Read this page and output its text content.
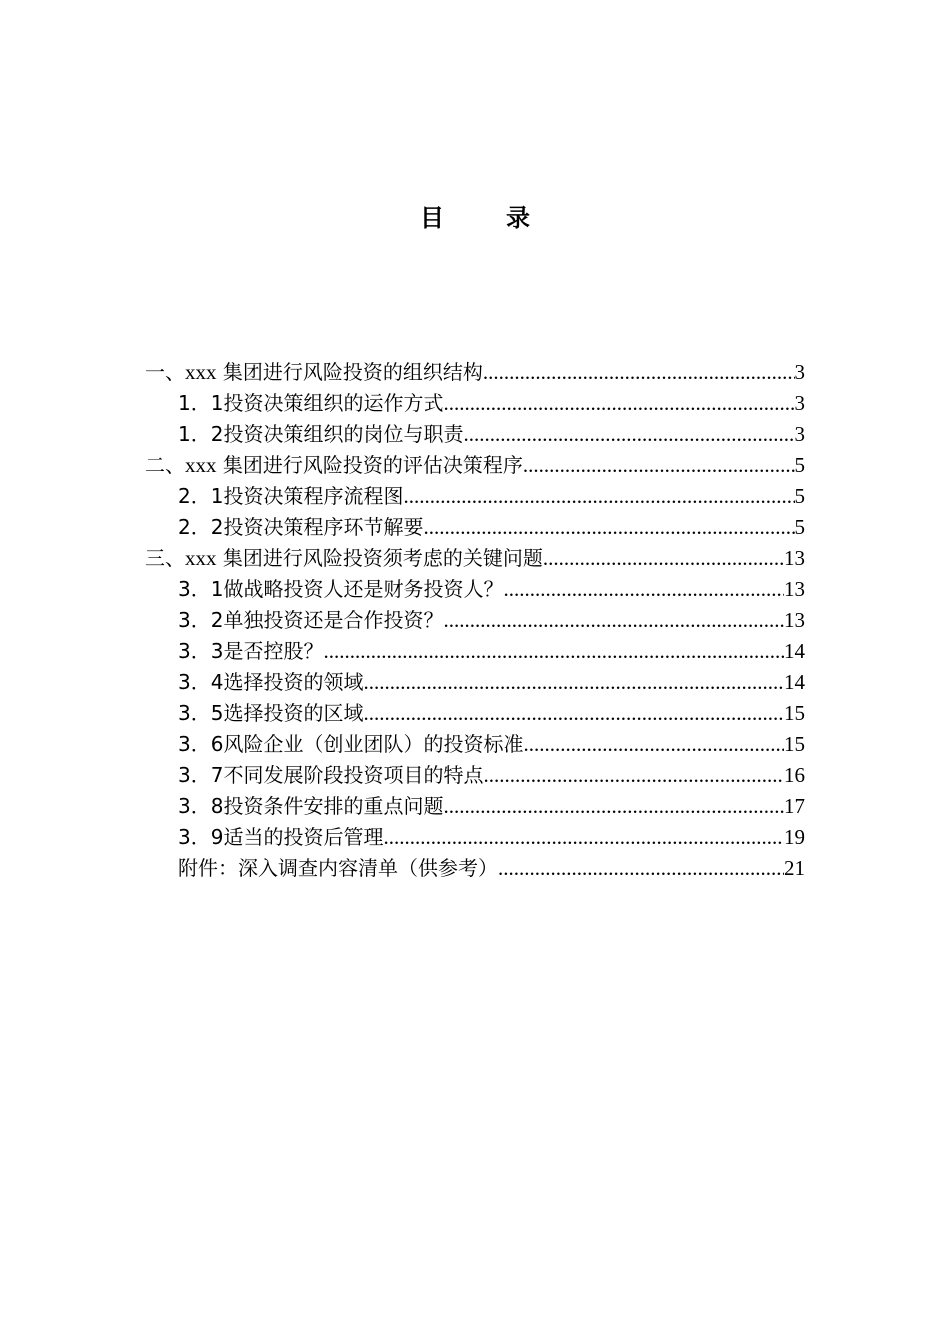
目	录
一、xxx 集团进行风险投资的组织结构 .....	3
1．1投资决策组织的运作方式 .....	3
1．2投资决策组织的岗位与职责 .....	3
二、xxx 集团进行风险投资的评估决策程序 .....	5
2．1投资决策程序流程图 .....	5
2．2投资决策程序环节解要 .....	5
三、xxx 集团进行风险投资须考虑的关键问题 .....	13
3．1做战略投资人还是财务投资人？ .....	13
3．2单独投资还是合作投资？ .....	13
3．3是否控股？ .....	14
3．4选择投资的领域 .....	14
3．5选择投资的区域 .....	15
3．6风险企业（创业团队）的投资标准 .....	15
3．7不同发展阶段投资项目的特点 .....	16
3．8投资条件安排的重点问题 .....	17
3．9适当的投资后管理 .....	19
附件：深入调查内容清单（供参考） .....	21
